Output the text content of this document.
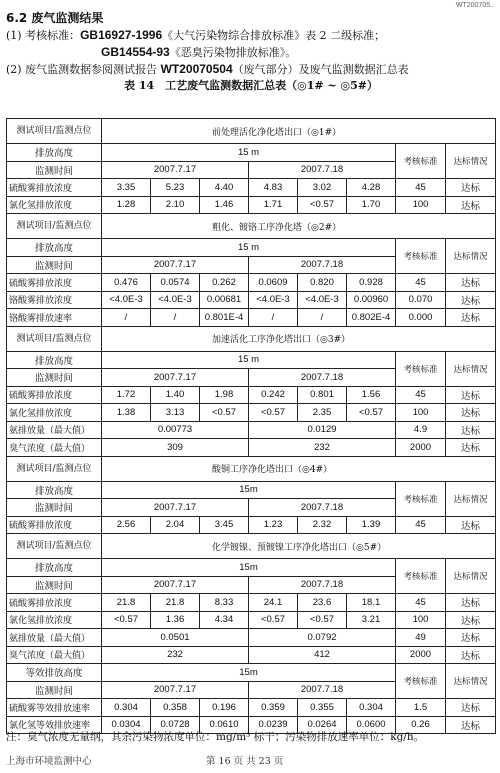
WT200705..
6.2 废气监测结果
(1) 考核标准：GB16927-1996《大气污染物综合排放标准》表 2 二级标准；
GB14554-93《恶臭污染物排放标准》。
(2) 废气监测数据参阅测试报告 WT20070504（废气部分）及废气监测数据汇总表
表 14　工艺废气监测数据汇总表（◎1# ~ ◎5#）
测试项目/监测点位	前处理活化净化塔出口（◎1#）							
排放高度	15 m						考核标准	达标情况
监测时间	2007.7.17			2007.7.18				
硫酸雾排放浓度	3.35	5.23	4.40	4.83	3.02	4.28	45	达标
氯化氢排放浓度	1.28	2.10	1.46	1.71	<0.57	1.70	100	达标
测试项目/监测点位	粗化、镀铬工序净化塔（◎2#）							
排放高度	15 m						考核标准	达标情况
监测时间	2007.7.17			2007.7.18				
硫酸雾排放浓度	0.476	0.0574	0.262	0.0609	0.820	0.928	45	达标
铬酸雾排放浓度	<4.0E-3	<4.0E-3	0.00681	<4.0E-3	<4.0E-3	0.00960	0.070	达标
铬酸雾排放速率	/	/	0.801E-4	/	/	0.802E-4	0.000	达标
测试项目/监测点位	加速活化工序净化塔出口（◎3#）							
排放高度	15 m						考核标准	达标情况
监测时间	2007.7.17			2007.7.18				
硫酸雾排放浓度	1.72	1.40	1.98	0.242	0.801	1.56	45	达标
氯化氢排放浓度	1.38	3.13	<0.57	<0.57	2.35	<0.57	100	达标
氨排放量（最大值）	0.00773			0.0129			4.9	达标
臭气浓度（最大值）	309			232			2000	达标
测试项目/监测点位	酸铜工序净化塔出口（◎4#）							
排放高度	15m						考核标准	达标情况
监测时间	2007.7.17			2007.7.18				
硫酸雾排放浓度	2.56	2.04	3.45	1.23	2.32	1.39	45	达标
测试项目/监测点位	化学镀镍、预镀镍工序净化塔出口（◎5#）							
排放高度	15m						考核标准	达标情况
监测时间	2007.7.17			2007.7.18				
硫酸雾排放浓度	21.8	21.8	8.33	24.1	23.6	18.1	45	达标
氯化氢排放浓度	<0.57	1.36	4.34	<0.57	<0.57	3.21	100	达标
氨排放量（最大值）	0.0501			0.0792			49	达标
臭气浓度（最大值）	232			412			2000	达标
等效排放高度	15m						考核标准	达标情况
监测时间	2007.7.17			2007.7.18				
硫酸雾等效排放速率	0.304	0.358	0.196	0.359	0.355	0.304	1.5	达标
氯化氢等效排放速率	0.0304	0.0728	0.0610	0.0239	0.0264	0.0600	0.26	达标
注：臭气浓度无量纲，其余污染物浓度单位：mg/m³ 标干；污染物排放速率单位：kg/h。
上海市环境监测中心	第 16 页 共 23 页
